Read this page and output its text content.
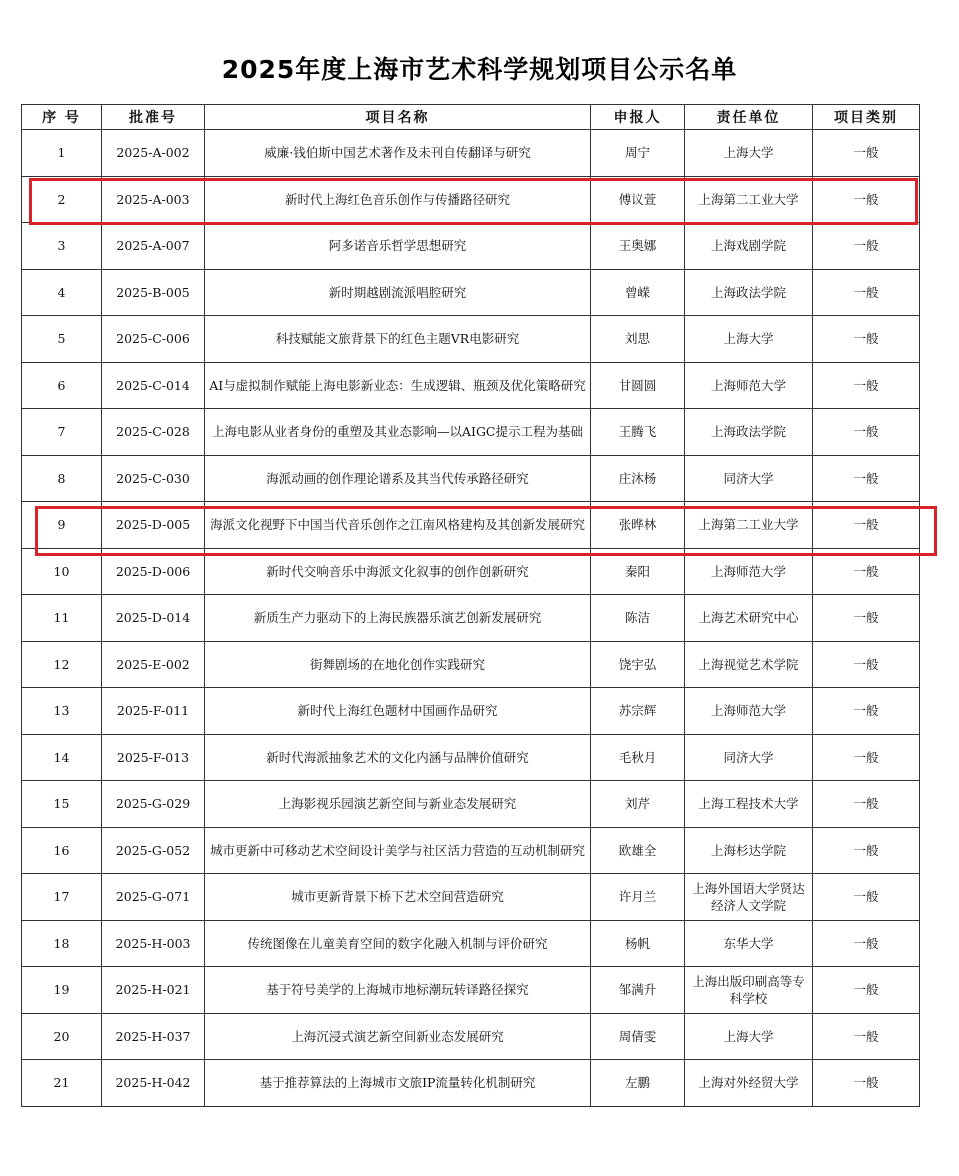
2025年度上海市艺术科学规划项目公示名单
序 号	批准号	项目名称	申报人	责任单位	项目类别
1	2025-A-002	威廉·钱伯斯中国艺术著作及未刊自传翻译与研究	周宁	上海大学	一般
2	2025-A-003	新时代上海红色音乐创作与传播路径研究	傅议萱	上海第二工业大学	一般
3	2025-A-007	阿多诺音乐哲学思想研究	王奥娜	上海戏剧学院	一般
4	2025-B-005	新时期越剧流派唱腔研究	曾嵘	上海政法学院	一般
5	2025-C-006	科技赋能文旅背景下的红色主题VR电影研究	刘思	上海大学	一般
6	2025-C-014	AI与虚拟制作赋能上海电影新业态：生成逻辑、瓶颈及优化策略研究	甘圆圆	上海师范大学	一般
7	2025-C-028	上海电影从业者身份的重塑及其业态影响—以AIGC提示工程为基础	王腾飞	上海政法学院	一般
8	2025-C-030	海派动画的创作理论谱系及其当代传承路径研究	庄沐杨	同济大学	一般
9	2025-D-005	海派文化视野下中国当代音乐创作之江南风格建构及其创新发展研究	张晔林	上海第二工业大学	一般
10	2025-D-006	新时代交响音乐中海派文化叙事的创作创新研究	秦阳	上海师范大学	一般
11	2025-D-014	新质生产力驱动下的上海民族器乐演艺创新发展研究	陈洁	上海艺术研究中心	一般
12	2025-E-002	街舞剧场的在地化创作实践研究	饶宇弘	上海视觉艺术学院	一般
13	2025-F-011	新时代上海红色题材中国画作品研究	苏宗辉	上海师范大学	一般
14	2025-F-013	新时代海派抽象艺术的文化内涵与品牌价值研究	毛秋月	同济大学	一般
15	2025-G-029	上海影视乐园演艺新空间与新业态发展研究	刘芹	上海工程技术大学	一般
16	2025-G-052	城市更新中可移动艺术空间设计美学与社区活力营造的互动机制研究	欧雄全	上海杉达学院	一般
17	2025-G-071	城市更新背景下桥下艺术空间营造研究	许月兰	上海外国语大学贤达经济人文学院	一般
18	2025-H-003	传统图像在儿童美育空间的数字化融入机制与评价研究	杨帆	东华大学	一般
19	2025-H-021	基于符号美学的上海城市地标潮玩转译路径探究	邹满升	上海出版印刷高等专科学校	一般
20	2025-H-037	上海沉浸式演艺新空间新业态发展研究	周倩雯	上海大学	一般
21	2025-H-042	基于推荐算法的上海城市文旅IP流量转化机制研究	左鹏	上海对外经贸大学	一般
